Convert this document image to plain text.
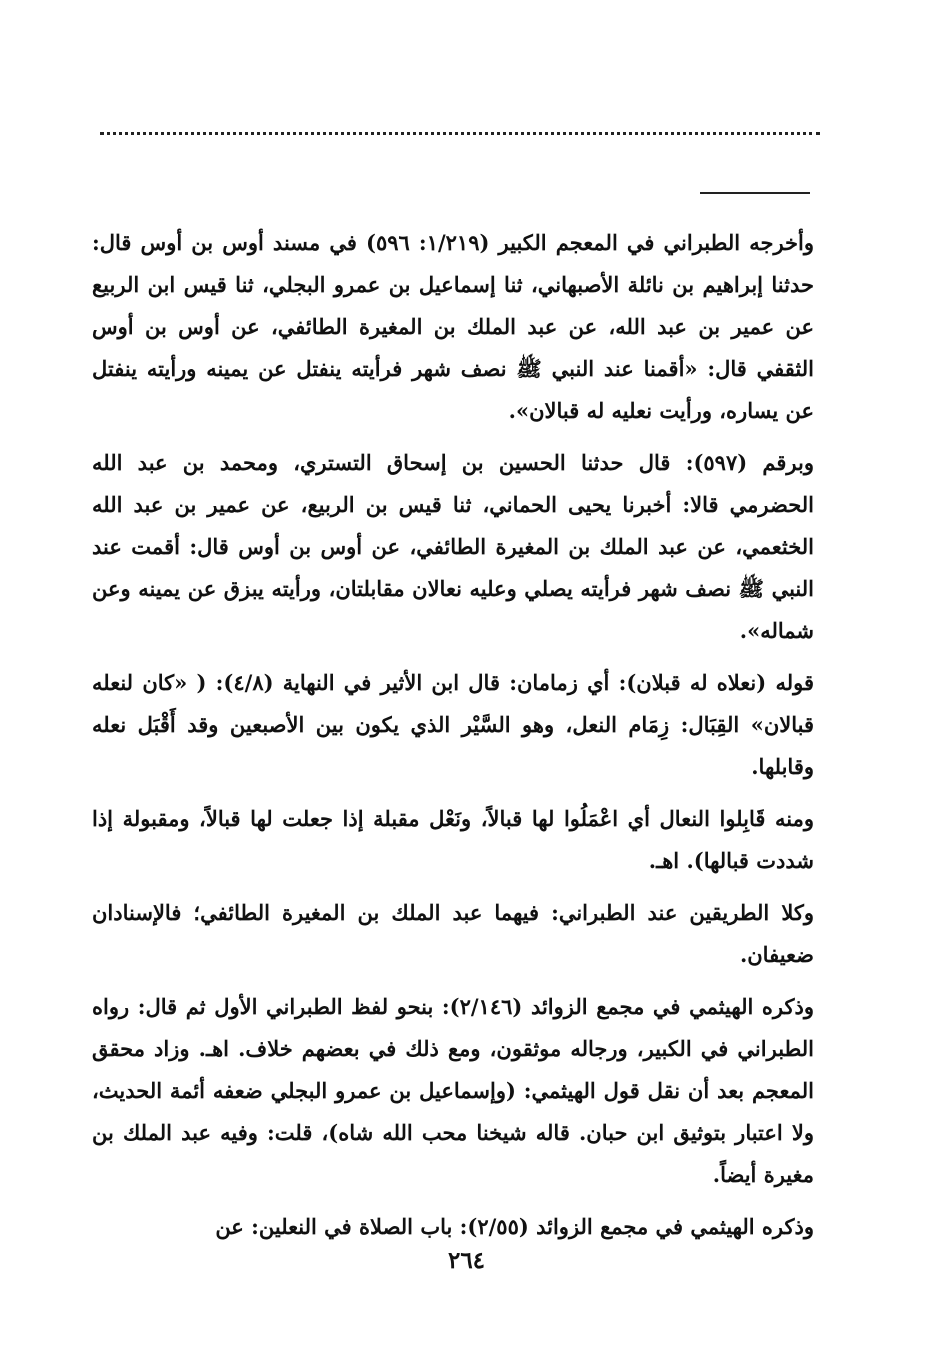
وأخرجه الطبراني في المعجم الكبير (١/٢١٩: ٥٩٦) في مسند أوس بن أوس قال: حدثنا إبراهيم بن نائلة الأصبهاني، ثنا إسماعيل بن عمرو البجلي، ثنا قيس ابن الربيع عن عمير بن عبد الله، عن عبد الملك بن المغيرة الطائفي، عن أوس بن أوس الثقفي قال: «أقمنا عند النبي ﷺ نصف شهر فرأيته ينفتل عن يمينه ورأيته ينفتل عن يساره، ورأيت نعليه له قبالان».

وبرقم (٥٩٧): قال حدثنا الحسين بن إسحاق التستري، ومحمد بن عبد الله الحضرمي قالا: أخبرنا يحيى الحماني، ثنا قيس بن الربيع، عن عمير بن عبد الله الخثعمي، عن عبد الملك بن المغيرة الطائفي، عن أوس بن أوس قال: أقمت عند النبي ﷺ نصف شهر فرأيته يصلي وعليه نعالان مقابلتان، ورأيته يبزق عن يمينه وعن شماله».

قوله (نعلاه له قبلان): أي زمامان: قال ابن الأثير في النهاية (٤/٨): ( «كان لنعله قبالان» القِبَال: زِمَام النعل، وهو السَّيْر الذي يكون بين الأصبعين وقد أَقْبَل نعله وقابلها.

ومنه قَابِلوا النعال أي اعْمَلُوا لها قبالاً، ونَعْل مقبلة إذا جعلت لها قبالاً، ومقبولة إذا شددت قبالها). اهـ.

وكلا الطريقين عند الطبراني: فيهما عبد الملك بن المغيرة الطائفي؛ فالإسنادان ضعيفان.

وذكره الهيثمي في مجمع الزوائد (٢/١٤٦): بنحو لفظ الطبراني الأول ثم قال: رواه الطبراني في الكبير، ورجاله موثقون، ومع ذلك في بعضهم خلاف. اهـ. وزاد محقق المعجم بعد أن نقل قول الهيثمي: (وإسماعيل بن عمرو البجلي ضعفه أئمة الحديث، ولا اعتبار بتوثيق ابن حبان. قاله شيخنا محب الله شاه)، قلت: وفيه عبد الملك بن مغيرة أيضاً.

وذكره الهيثمي في مجمع الزوائد (٢/٥٥): باب الصلاة في النعلين: عن

٢٦٤
